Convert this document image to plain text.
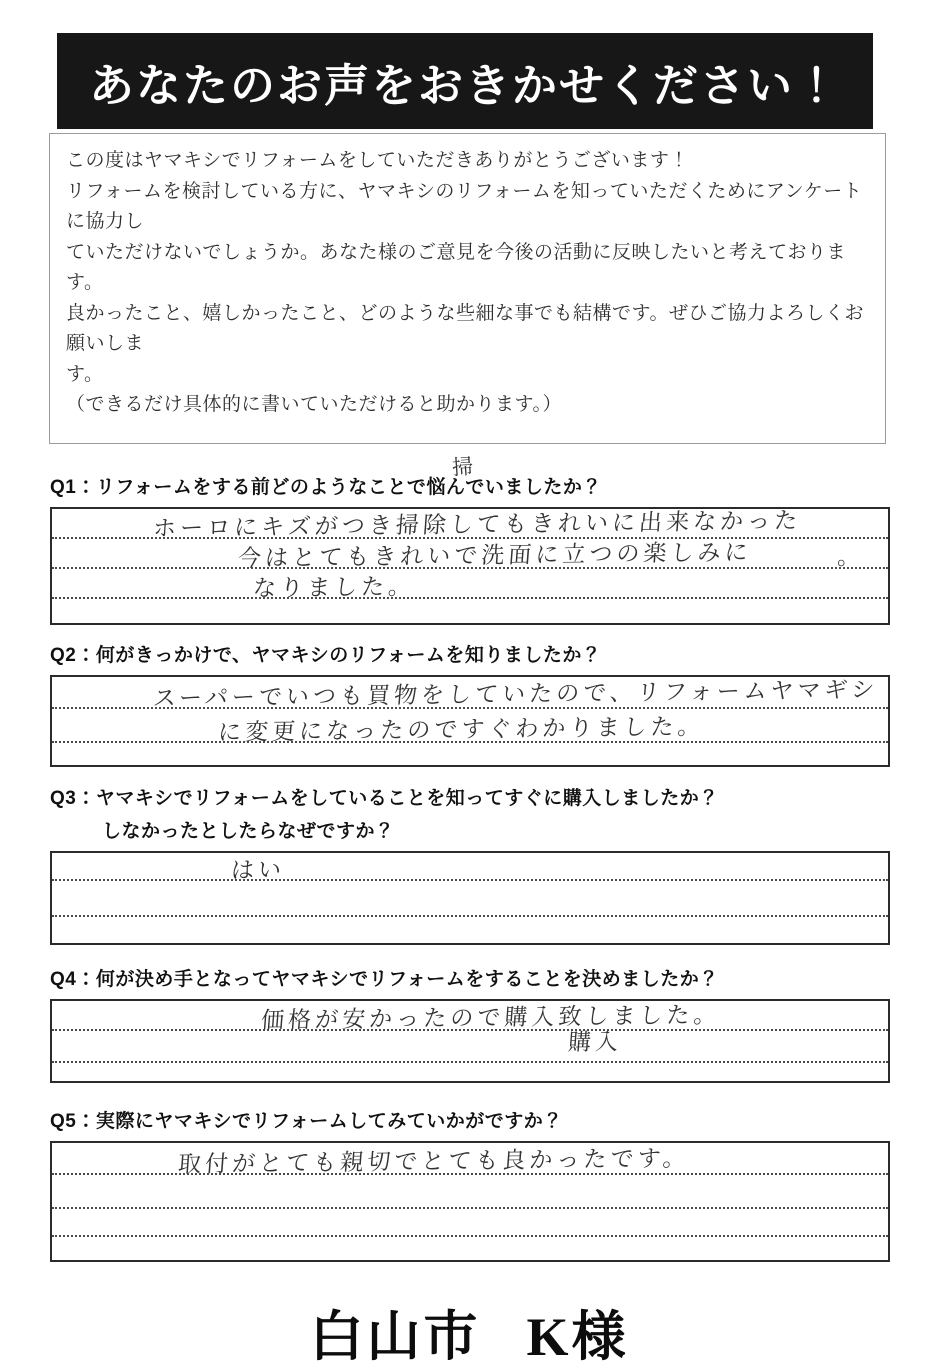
あなたのお声をおきかせください！

この度はヤマキシでリフォームをしていただきありがとうございます！

リフォームを検討している方に、ヤマキシのリフォームを知っていただくためにアンケートに協力し

ていただけないでしょうか。あなた様のご意見を今後の活動に反映したいと考えております。

良かったこと、嬉しかったこと、どのような些細な事でも結構です。ぜひご協力よろしくお願いしま

す。

（できるだけ具体的に書いていただけると助かります。）

Q1：リフォームをする前どのようなことで悩んでいましたか？
掃
ホーロにキズがつき掃除してもきれいに出来なかった
今はとてもきれいで洗面に立つの楽しみに	。
なりました。
Q2：何がきっかけで、ヤマキシのリフォームを知りましたか？
スーパーでいつも買物をしていたので、リフォームヤマギシ
に変更になったのですぐわかりました。
Q3：ヤマキシでリフォームをしていることを知ってすぐに購入しましたか？
しなかったとしたらなぜですか？
はい
Q4：何が決め手となってヤマキシでリフォームをすることを決めましたか？
価格が安かったので購入致しました。
購入
Q5：実際にヤマキシでリフォームしてみていかがですか？
取付がとても親切でとても良かったです。
白山市 K様
